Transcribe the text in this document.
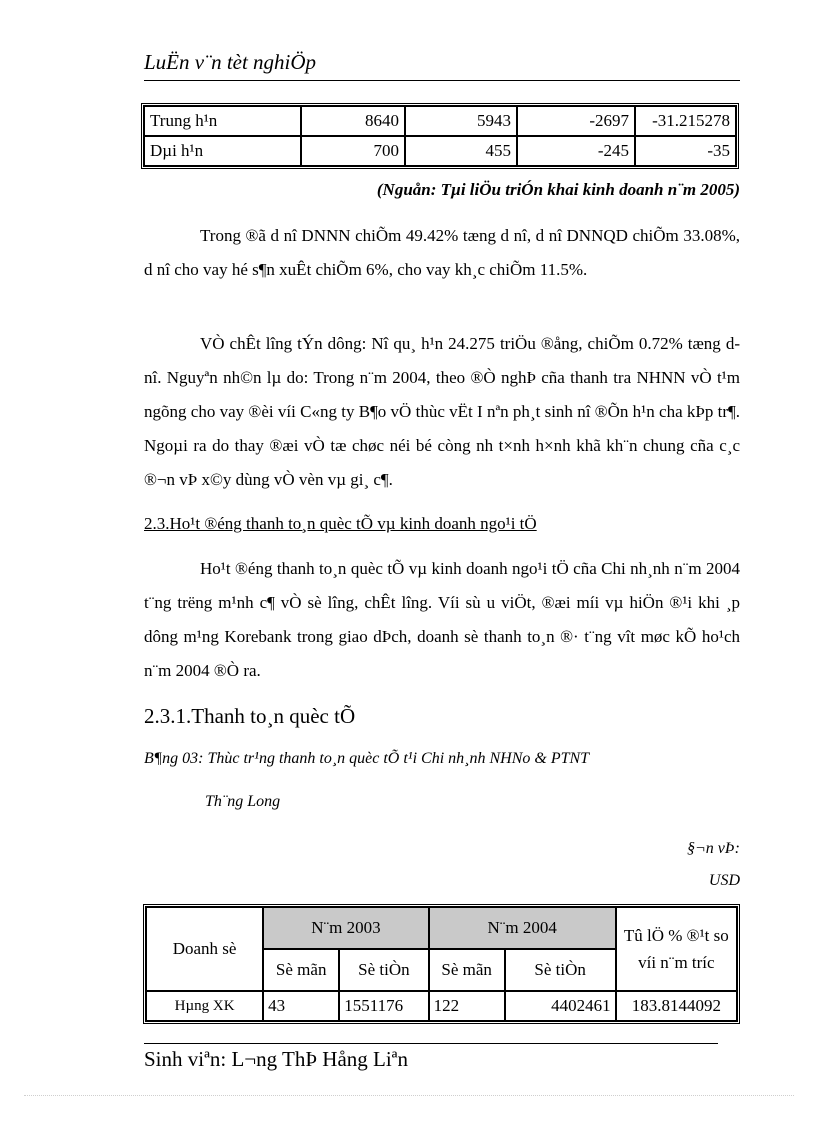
LuËn v¨n tèt nghiÖp
Trung h¹n	8640	5943	-2697	-31.215278
Dµi h¹n	700	455	-245	-35
(Nguån: Tµi liÖu triÓn khai kinh doanh n¨m 2005)
Trong ®ã d nî DNNN chiÕm 49.42% tæng d nî, d nî DNNQD chiÕm 33.08%, d nî cho vay hé s¶n xuÊt chiÕm 6%, cho vay kh¸c chiÕm 11.5%.
VÒ chÊt lîng tÝn dông: Nî qu¸ h¹n 24.275 triÖu ®ång, chiÕm 0.72% tæng d nî. Nguyªn nh©n lµ do: Trong n¨m 2004, theo ®Ò nghÞ cña thanh tra NHNN vÒ t¹m ngõng cho vay ®èi víi C«ng ty B¶o vÖ thùc vËt I nªn ph¸t sinh nî ®Õn h¹n cha kÞp tr¶. Ngoµi ra do thay ®æi vÒ tæ chøc néi bé còng nh t×nh h×nh khã kh¨n chung cña c¸c ®¬n vÞ x©y dùng vÒ vèn vµ gi¸ c¶.
2.3.Ho¹t ®éng thanh to¸n quèc tÕ vµ kinh doanh ngo¹i tÖ
Ho¹t ®éng thanh to¸n quèc tÕ vµ kinh doanh ngo¹i tÖ cña Chi nh¸nh n¨m 2004 t¨ng trëng m¹nh c¶ vÒ sè lîng, chÊt lîng. Víi sù u viÖt, ®æi míi vµ hiÖn ®¹i khi ¸p dông m¹ng Korebank trong giao dÞch, doanh sè thanh to¸n ®· t¨ng vît møc kÕ ho¹ch n¨m 2004 ®Ò ra.
2.3.1.Thanh to¸n quèc tÕ
B¶ng 03: Thùc tr¹ng thanh to¸n quèc tÕ t¹i Chi nh¸nh NHNo & PTNT
Th¨ng Long
§¬n vÞ:
USD
Doanh sè	N¨m 2003		N¨m 2004		Tû lÖ % ®¹t so víi n¨m tríc
	Sè mãn	Sè tiÒn	Sè mãn	Sè tiÒn	
Hµng XK	43	1551176	122	4402461	183.8144092
Sinh viªn: L¬ng ThÞ Hång Liªn
